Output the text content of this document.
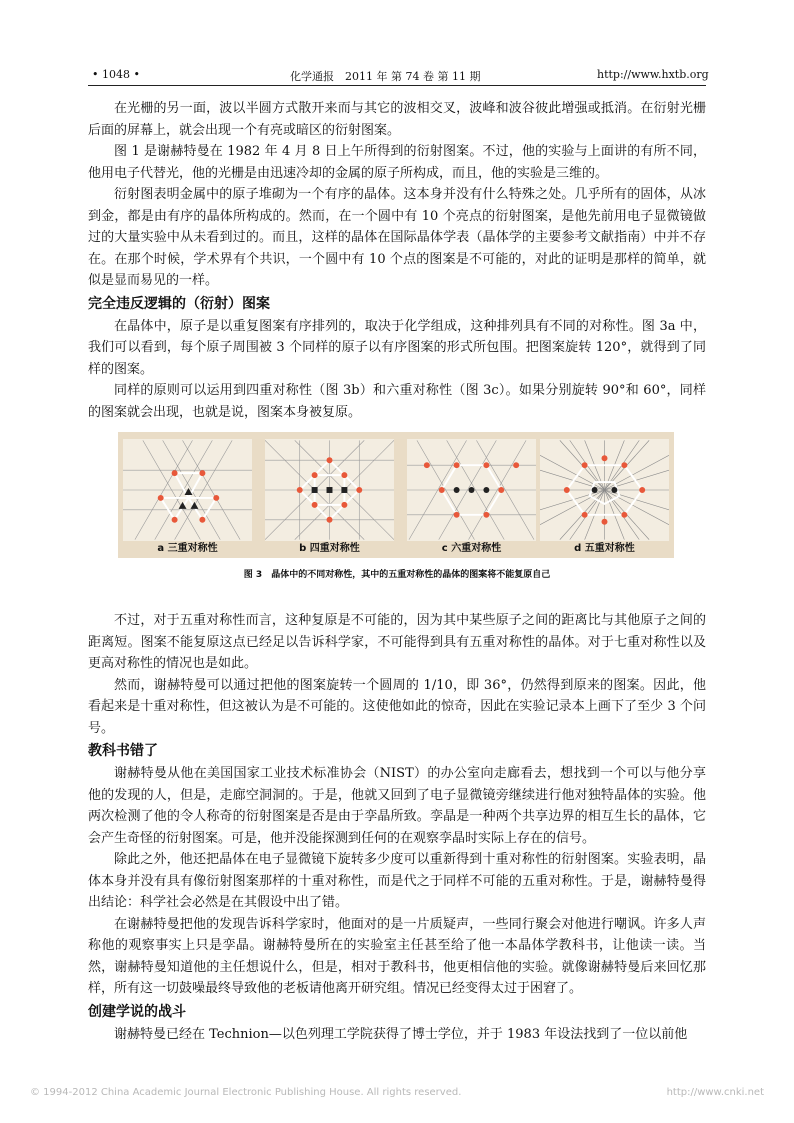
• 1048 •	化学通报　2011 年 第 74 卷 第 11 期	http://www.hxtb.org

在光栅的另一面，波以半圆方式散开来而与其它的波相交叉，波峰和波谷彼此增强或抵消。在衍射光栅后面的屏幕上，就会出现一个有亮或暗区的衍射图案。

图 1 是谢赫特曼在 1982 年 4 月 8 日上午所得到的衍射图案。不过，他的实验与上面讲的有所不同，他用电子代替光，他的光栅是由迅速冷却的金属的原子所构成，而且，他的实验是三维的。

衍射图表明金属中的原子堆砌为一个有序的晶体。这本身并没有什么特殊之处。几乎所有的固体，从冰到金，都是由有序的晶体所构成的。然而，在一个圆中有 10 个亮点的衍射图案，是他先前用电子显微镜做过的大量实验中从未看到过的。而且，这样的晶体在国际晶体学表（晶体学的主要参考文献指南）中并不存在。在那个时候，学术界有个共识，一个圆中有 10 个点的图案是不可能的，对此的证明是那样的简单，就似是显而易见的一样。

完全违反逻辑的（衍射）图案

在晶体中，原子是以重复图案有序排列的，取决于化学组成，这种排列具有不同的对称性。图 3a 中，我们可以看到，每个原子周围被 3 个同样的原子以有序图案的形式所包围。把图案旋转 120°，就得到了同样的图案。

同样的原则可以运用到四重对称性（图 3b）和六重对称性（图 3c）。如果分别旋转 90°和 60°，同样的图案就会出现，也就是说，图案本身被复原。

a 三重对称性	b 四重对称性	c 六重对称性	d 五重对称性
图 3　晶体中的不同对称性，其中的五重对称性的晶体的图案将不能复原自己

不过，对于五重对称性而言，这种复原是不可能的，因为其中某些原子之间的距离比与其他原子之间的距离短。图案不能复原这点已经足以告诉科学家，不可能得到具有五重对称性的晶体。对于七重对称性以及更高对称性的情况也是如此。

然而，谢赫特曼可以通过把他的图案旋转一个圆周的 1/10，即 36°，仍然得到原来的图案。因此，他看起来是十重对称性，但这被认为是不可能的。这使他如此的惊奇，因此在实验记录本上画下了至少 3 个问号。

教科书错了

谢赫特曼从他在美国国家工业技术标准协会（NIST）的办公室向走廊看去，想找到一个可以与他分享他的发现的人，但是，走廊空洞洞的。于是，他就又回到了电子显微镜旁继续进行他对独特晶体的实验。他两次检测了他的令人称奇的衍射图案是否是由于孪晶所致。孪晶是一种两个共享边界的相互生长的晶体，它会产生奇怪的衍射图案。可是，他并没能探测到任何的在观察孪晶时实际上存在的信号。

除此之外，他还把晶体在电子显微镜下旋转多少度可以重新得到十重对称性的衍射图案。实验表明，晶体本身并没有具有像衍射图案那样的十重对称性，而是代之于同样不可能的五重对称性。于是，谢赫特曼得出结论：科学社会必然是在其假设中出了错。

在谢赫特曼把他的发现告诉科学家时，他面对的是一片质疑声，一些同行聚会对他进行嘲讽。许多人声称他的观察事实上只是孪晶。谢赫特曼所在的实验室主任甚至给了他一本晶体学教科书，让他读一读。当然，谢赫特曼知道他的主任想说什么，但是，相对于教科书，他更相信他的实验。就像谢赫特曼后来回忆那样，所有这一切鼓噪最终导致他的老板请他离开研究组。情况已经变得太过于困窘了。

创建学说的战斗

谢赫特曼已经在 Technion—以色列理工学院获得了博士学位，并于 1983 年设法找到了一位以前他

© 1994-2012 China Academic Journal Electronic Publishing House. All rights reserved.	http://www.cnki.net
